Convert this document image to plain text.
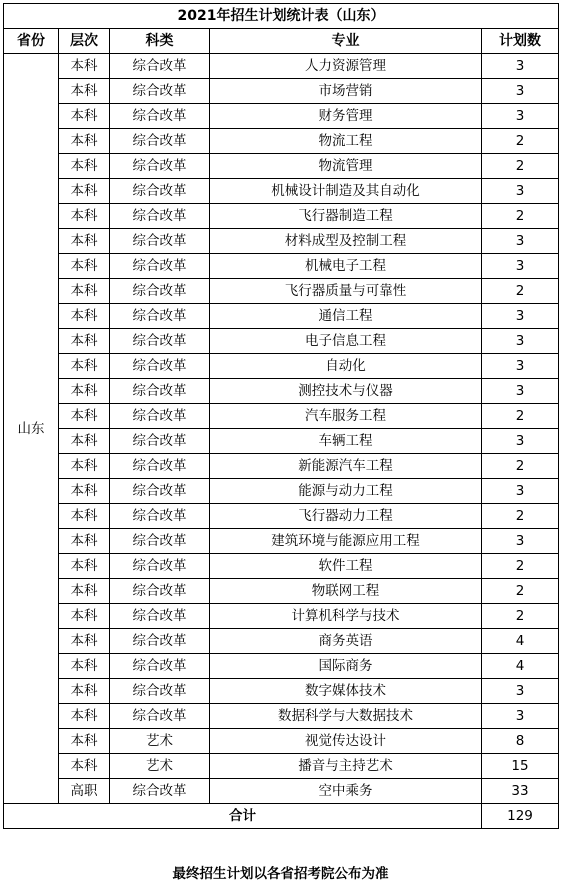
2021年招生计划统计表（山东）				
省份	层次	科类	专业	计划数
山东	本科	综合改革	人力资源管理	3
	本科	综合改革	市场营销	3
	本科	综合改革	财务管理	3
	本科	综合改革	物流工程	2
	本科	综合改革	物流管理	2
	本科	综合改革	机械设计制造及其自动化	3
	本科	综合改革	飞行器制造工程	2
	本科	综合改革	材料成型及控制工程	3
	本科	综合改革	机械电子工程	3
	本科	综合改革	飞行器质量与可靠性	2
	本科	综合改革	通信工程	3
	本科	综合改革	电子信息工程	3
	本科	综合改革	自动化	3
	本科	综合改革	测控技术与仪器	3
	本科	综合改革	汽车服务工程	2
	本科	综合改革	车辆工程	3
	本科	综合改革	新能源汽车工程	2
	本科	综合改革	能源与动力工程	3
	本科	综合改革	飞行器动力工程	2
	本科	综合改革	建筑环境与能源应用工程	3
	本科	综合改革	软件工程	2
	本科	综合改革	物联网工程	2
	本科	综合改革	计算机科学与技术	2
	本科	综合改革	商务英语	4
	本科	综合改革	国际商务	4
	本科	综合改革	数字媒体技术	3
	本科	综合改革	数据科学与大数据技术	3
	本科	艺术	视觉传达设计	8
	本科	艺术	播音与主持艺术	15
	高职	综合改革	空中乘务	33
合计				129
最终招生计划以各省招考院公布为准
